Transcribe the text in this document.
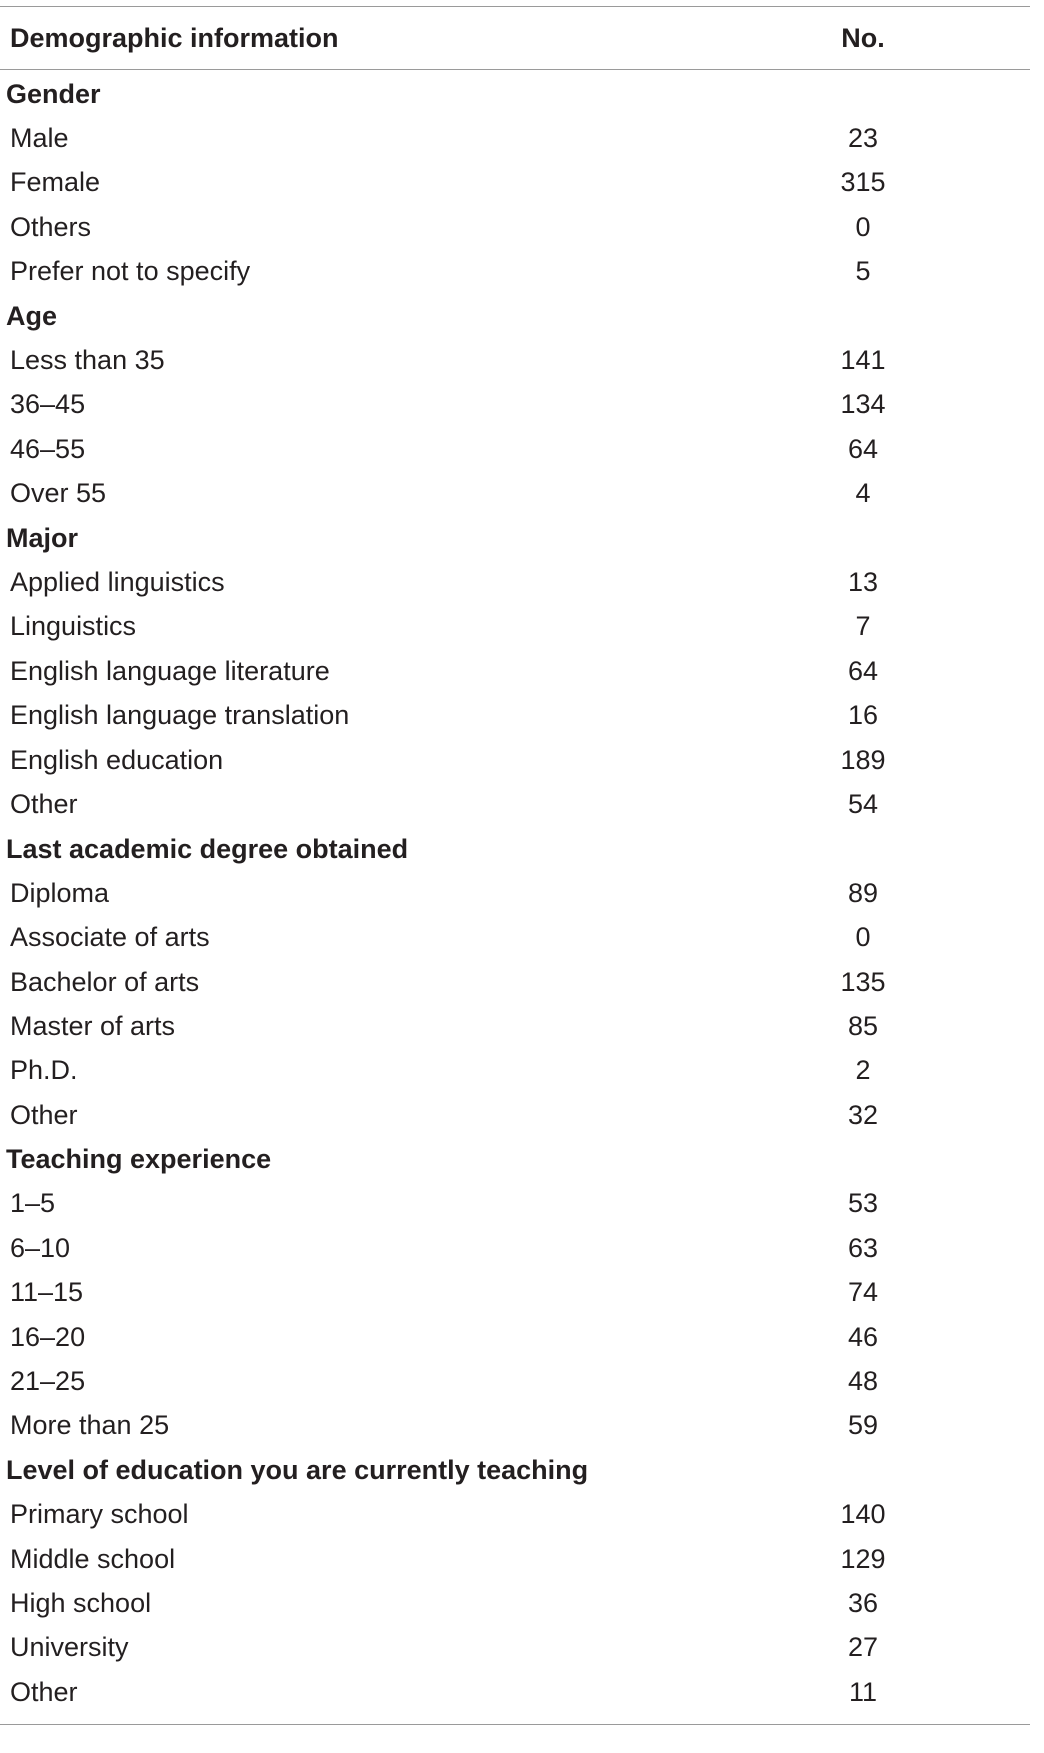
Demographic information	No.
Gender
Male	23
Female	315
Others	0
Prefer not to specify	5
Age
Less than 35	141
36–45	134
46–55	64
Over 55	4
Major
Applied linguistics	13
Linguistics	7
English language literature	64
English language translation	16
English education	189
Other	54
Last academic degree obtained
Diploma	89
Associate of arts	0
Bachelor of arts	135
Master of arts	85
Ph.D.	2
Other	32
Teaching experience
1–5	53
6–10	63
11–15	74
16–20	46
21–25	48
More than 25	59
Level of education you are currently teaching
Primary school	140
Middle school	129
High school	36
University	27
Other	11
